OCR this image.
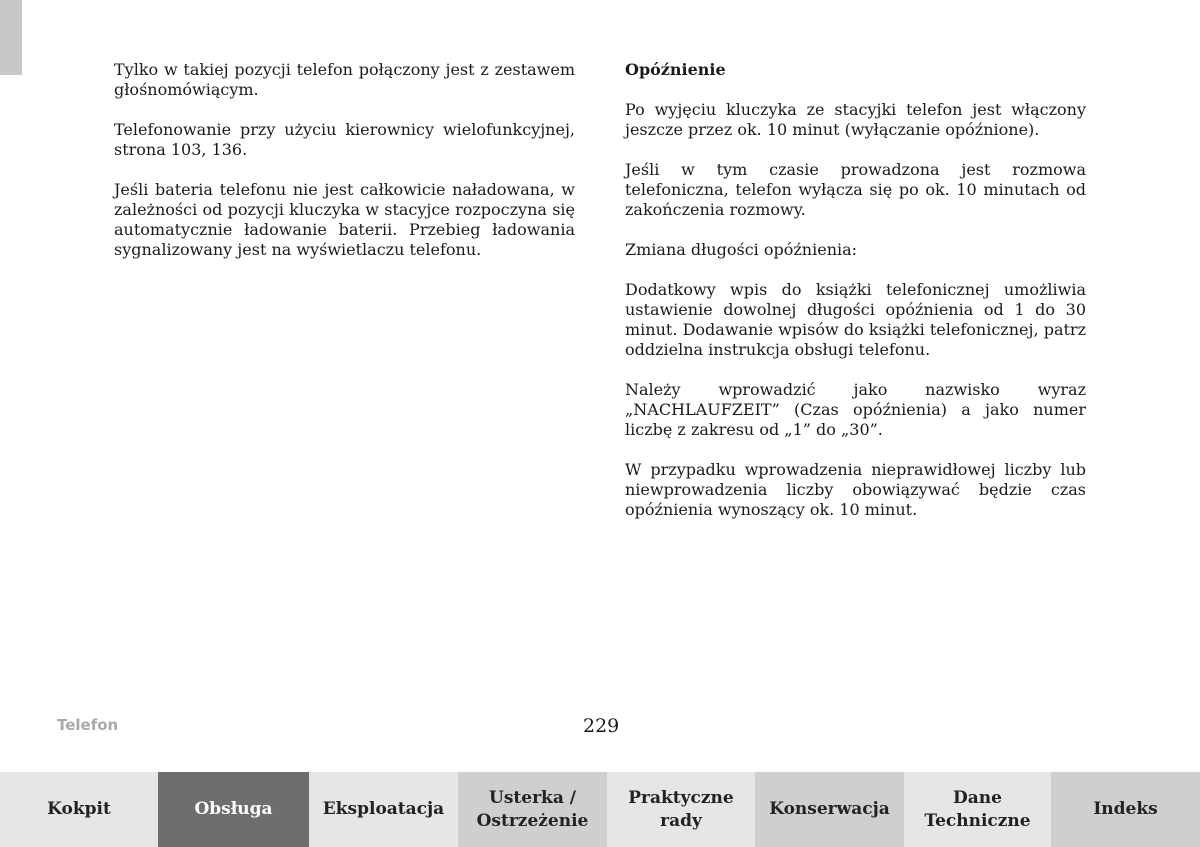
Tylko w takiej pozycji telefon połączony jest z zestawem głośnomówiącym.

Telefonowanie przy użyciu kierownicy wielofunkcyjnej, strona 103, 136.

Jeśli bateria telefonu nie jest całkowicie naładowana, w zależności od pozycji kluczyka w stacyjce rozpoczyna się automatycznie ładowanie baterii. Przebieg ładowania sygnalizowany jest na wyświetlaczu telefonu.

Opóźnienie

Po wyjęciu kluczyka ze stacyjki telefon jest włączony jeszcze przez ok. 10 minut (wyłączanie opóźnione).

Jeśli w tym czasie prowadzona jest rozmowa telefoniczna, telefon wyłącza się po ok. 10 minutach od zakończenia rozmowy.

Zmiana długości opóźnienia:

Dodatkowy wpis do książki telefonicznej umożliwia ustawienie dowolnej długości opóźnienia od 1 do 30 minut. Dodawanie wpisów do książki telefonicznej, patrz oddzielna instrukcja obsługi telefonu.

Należy wprowadzić jako nazwisko wyraz „NACHLAUFZEIT” (Czas opóźnienia) a jako numer liczbę z zakresu od „1” do „30”.

W przypadku wprowadzenia nieprawidłowej liczby lub niewprowadzenia liczby obowiązywać będzie czas opóźnienia wynoszący ok. 10 minut.

Telefon	229
Kokpit	Obsługa	Eksploatacja
Usterka /
Ostrzeżenie
Praktyczne
rady
Konserwacja
Dane
Techniczne
Indeks
